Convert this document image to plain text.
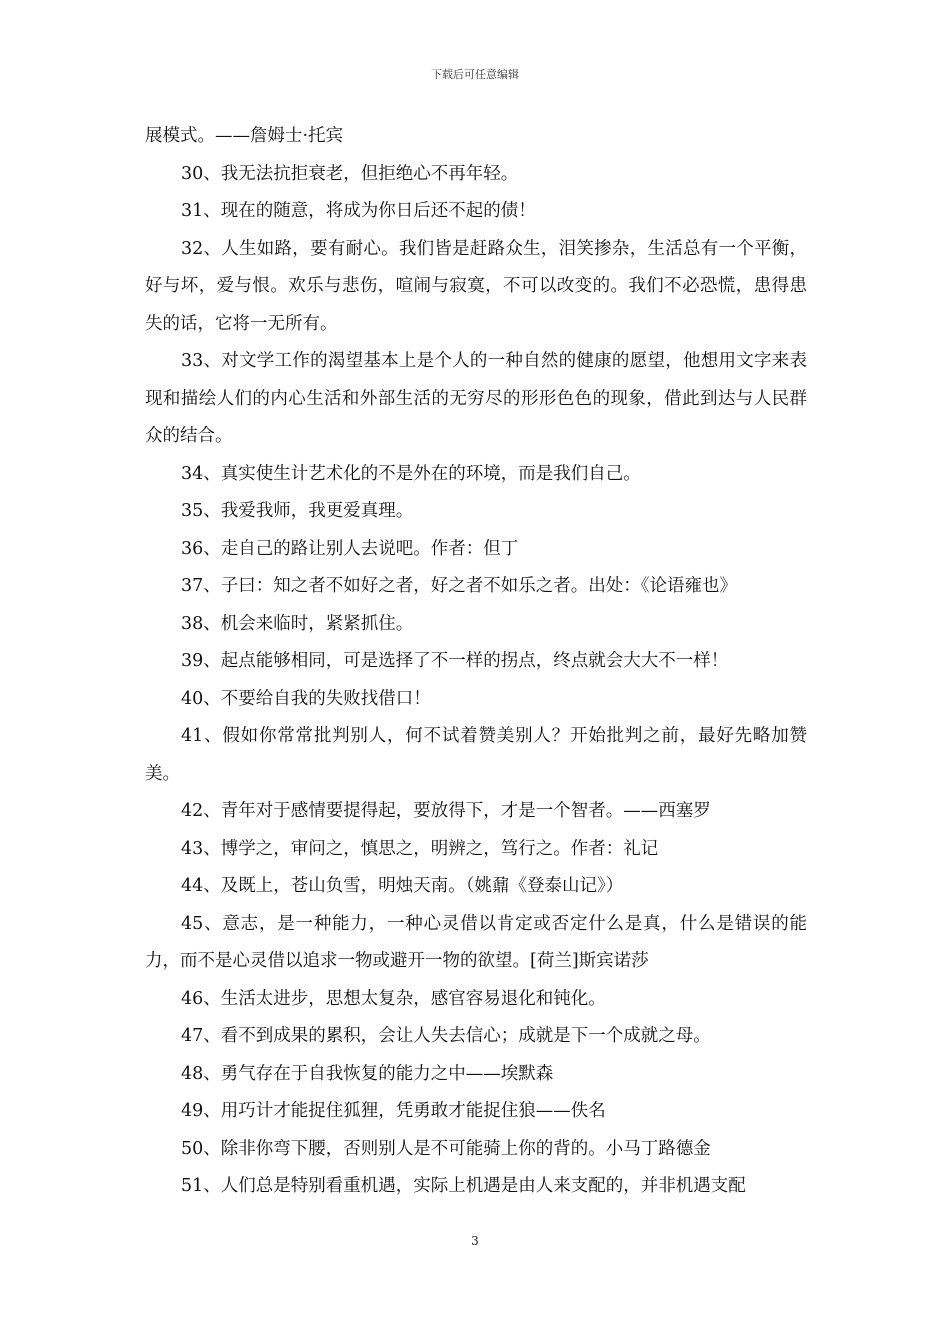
下载后可任意编辑

展模式。——詹姆士·托宾

30、我无法抗拒衰老，但拒绝心不再年轻。

31、现在的随意，将成为你日后还不起的债！

32、人生如路，要有耐心。我们皆是赶路众生，泪笑掺杂，生活总有一个平衡，好与坏，爱与恨。欢乐与悲伤，喧闹与寂寞，不可以改变的。我们不必恐慌，患得患失的话，它将一无所有。

33、对文学工作的渴望基本上是个人的一种自然的健康的愿望，他想用文字来表现和描绘人们的内心生活和外部生活的无穷尽的形形色色的现象，借此到达与人民群众的结合。

34、真实使生计艺术化的不是外在的环境，而是我们自己。

35、我爱我师，我更爱真理。

36、走自己的路让别人去说吧。作者：但丁

37、子曰：知之者不如好之者，好之者不如乐之者。出处：《论语雍也》

38、机会来临时，紧紧抓住。

39、起点能够相同，可是选择了不一样的拐点，终点就会大大不一样！

40、不要给自我的失败找借口！

41、假如你常常批判别人，何不试着赞美别人？开始批判之前，最好先略加赞美。

42、青年对于感情要提得起，要放得下，才是一个智者。——西塞罗

43、博学之，审问之，慎思之，明辨之，笃行之。作者：礼记

44、及既上，苍山负雪，明烛天南。（姚鼐《登泰山记》）

45、意志，是一种能力，一种心灵借以肯定或否定什么是真，什么是错误的能力，而不是心灵借以追求一物或避开一物的欲望。[荷兰]斯宾诺莎

46、生活太进步，思想太复杂，感官容易退化和钝化。

47、看不到成果的累积，会让人失去信心；成就是下一个成就之母。

48、勇气存在于自我恢复的能力之中——埃默森

49、用巧计才能捉住狐狸，凭勇敢才能捉住狼——佚名

50、除非你弯下腰，否则别人是不可能骑上你的背的。小马丁路德金

51、人们总是特别看重机遇，实际上机遇是由人来支配的，并非机遇支配

3
